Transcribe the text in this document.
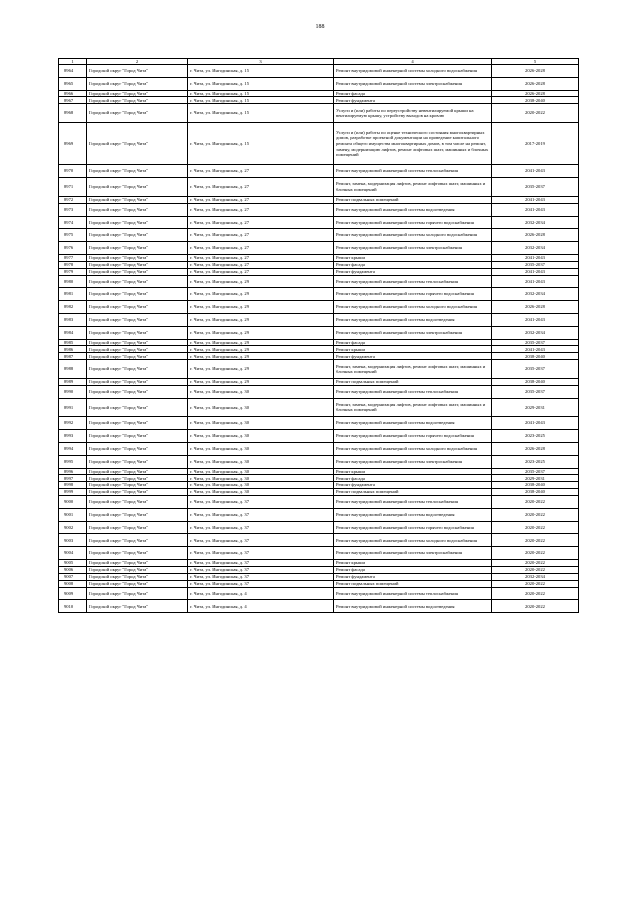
188
1	2	3	4	5
8964	Городской округ "Город Чита"	г. Чита, ул. Ингодинская, д. 15	Ремонт внутридомовой инженерной системы холодного водоснабжения	2026-2028
8965	Городской округ "Город Чита"	г. Чита, ул. Ингодинская, д. 15	Ремонт внутридомовой инженерной системы электроснабжения	2026-2028
8966	Городской округ "Город Чита"	г. Чита, ул. Ингодинская, д. 15	Ремонт фасада	2026-2028
8967	Городской округ "Город Чита"	г. Чита, ул. Ингодинская, д. 15	Ремонт фундамента	2038-2040
8968	Городской округ "Город Чита"	г. Чита, ул. Ингодинская, д. 15	Услуги и (или) работы по переустройству невентилируемой крыши на вентилируемую крышу, устройству выходов на кровлю	2020-2022
8969	Городской округ "Город Чита"	г. Чита, ул. Ингодинская, д. 15	Услуги и (или) работы по оценке технического состояния многоквартирных домов, разработке проектной документации на проведение капитального ремонта общего имущества многоквартирных домов, в том числе на ремонт, замену, модернизацию лифтов, ремонт лифтовых шахт, машинных и блочных помещений	2017-2019
8970	Городской округ "Город Чита"	г. Чита, ул. Ингодинская, д. 27	Ремонт внутридомовой инженерной системы теплоснабжения	2041-2043
8971	Городской округ "Город Чита"	г. Чита, ул. Ингодинская, д. 27	Ремонт, замена, модернизация лифтов, ремонт лифтовых шахт, машинных и блочных помещений	2035-2037
8972	Городской округ "Город Чита"	г. Чита, ул. Ингодинская, д. 27	Ремонт подвальных помещений	2041-2043
8973	Городской округ "Город Чита"	г. Чита, ул. Ингодинская, д. 27	Ремонт внутридомовой инженерной системы водоотведения	2041-2043
8974	Городской округ "Город Чита"	г. Чита, ул. Ингодинская, д. 27	Ремонт внутридомовой инженерной системы горячего водоснабжения	2032-2034
8975	Городской округ "Город Чита"	г. Чита, ул. Ингодинская, д. 27	Ремонт внутридомовой инженерной системы холодного водоснабжения	2026-2028
8976	Городской округ "Город Чита"	г. Чита, ул. Ингодинская, д. 27	Ремонт внутридомовой инженерной системы электроснабжения	2032-2034
8977	Городской округ "Город Чита"	г. Чита, ул. Ингодинская, д. 27	Ремонт крыши	2041-2043
8978	Городской округ "Город Чита"	г. Чита, ул. Ингодинская, д. 27	Ремонт фасада	2035-2037
8979	Городской округ "Город Чита"	г. Чита, ул. Ингодинская, д. 27	Ремонт фундамента	2041-2043
8980	Городской округ "Город Чита"	г. Чита, ул. Ингодинская, д. 29	Ремонт внутридомовой инженерной системы теплоснабжения	2041-2043
8981	Городской округ "Город Чита"	г. Чита, ул. Ингодинская, д. 29	Ремонт внутридомовой инженерной системы горячего водоснабжения	2032-2034
8982	Городской округ "Город Чита"	г. Чита, ул. Ингодинская, д. 29	Ремонт внутридомовой инженерной системы холодного водоснабжения	2026-2028
8983	Городской округ "Город Чита"	г. Чита, ул. Ингодинская, д. 29	Ремонт внутридомовой инженерной системы водоотведения	2041-2043
8984	Городской округ "Город Чита"	г. Чита, ул. Ингодинская, д. 29	Ремонт внутридомовой инженерной системы электроснабжения	2032-2034
8985	Городской округ "Город Чита"	г. Чита, ул. Ингодинская, д. 29	Ремонт фасада	2035-2037
8986	Городской округ "Город Чита"	г. Чита, ул. Ингодинская, д. 29	Ремонт крыши	2041-2043
8987	Городской округ "Город Чита"	г. Чита, ул. Ингодинская, д. 29	Ремонт фундамента	2038-2040
8988	Городской округ "Город Чита"	г. Чита, ул. Ингодинская, д. 29	Ремонт, замена, модернизация лифтов, ремонт лифтовых шахт, машинных и блочных помещений	2035-2037
8989	Городской округ "Город Чита"	г. Чита, ул. Ингодинская, д. 29	Ремонт подвальных помещений	2038-2040
8990	Городской округ "Город Чита"	г. Чита, ул. Ингодинская, д. 30	Ремонт внутридомовой инженерной системы теплоснабжения	2035-2037
8991	Городской округ "Город Чита"	г. Чита, ул. Ингодинская, д. 30	Ремонт, замена, модернизация лифтов, ремонт лифтовых шахт, машинных и блочных помещений	2029-2031
8992	Городской округ "Город Чита"	г. Чита, ул. Ингодинская, д. 30	Ремонт внутридомовой инженерной системы водоотведения	2041-2043
8993	Городской округ "Город Чита"	г. Чита, ул. Ингодинская, д. 30	Ремонт внутридомовой инженерной системы горячего водоснабжения	2023-2025
8994	Городской округ "Город Чита"	г. Чита, ул. Ингодинская, д. 30	Ремонт внутридомовой инженерной системы холодного водоснабжения	2026-2028
8995	Городской округ "Город Чита"	г. Чита, ул. Ингодинская, д. 30	Ремонт внутридомовой инженерной системы электроснабжения	2023-2025
8996	Городской округ "Город Чита"	г. Чита, ул. Ингодинская, д. 30	Ремонт крыши	2035-2037
8997	Городской округ "Город Чита"	г. Чита, ул. Ингодинская, д. 30	Ремонт фасада	2029-2031
8998	Городской округ "Город Чита"	г. Чита, ул. Ингодинская, д. 30	Ремонт фундамента	2038-2040
8999	Городской округ "Город Чита"	г. Чита, ул. Ингодинская, д. 30	Ремонт подвальных помещений	2038-2040
9000	Городской округ "Город Чита"	г. Чита, ул. Ингодинская, д. 37	Ремонт внутридомовой инженерной системы теплоснабжения	2020-2022
9001	Городской округ "Город Чита"	г. Чита, ул. Ингодинская, д. 37	Ремонт внутридомовой инженерной системы водоотведения	2020-2022
9002	Городской округ "Город Чита"	г. Чита, ул. Ингодинская, д. 37	Ремонт внутридомовой инженерной системы горячего водоснабжения	2020-2022
9003	Городской округ "Город Чита"	г. Чита, ул. Ингодинская, д. 37	Ремонт внутридомовой инженерной системы холодного водоснабжения	2020-2022
9004	Городской округ "Город Чита"	г. Чита, ул. Ингодинская, д. 37	Ремонт внутридомовой инженерной системы электроснабжения	2020-2022
9005	Городской округ "Город Чита"	г. Чита, ул. Ингодинская, д. 37	Ремонт крыши	2020-2022
9006	Городской округ "Город Чита"	г. Чита, ул. Ингодинская, д. 37	Ремонт фасада	2020-2022
9007	Городской округ "Город Чита"	г. Чита, ул. Ингодинская, д. 37	Ремонт фундамента	2032-2034
9008	Городской округ "Город Чита"	г. Чита, ул. Ингодинская, д. 37	Ремонт подвальных помещений	2020-2022
9009	Городской округ "Город Чита"	г. Чита, ул. Ингодинская, д. 4	Ремонт внутридомовой инженерной системы теплоснабжения	2020-2022
9010	Городской округ "Город Чита"	г. Чита, ул. Ингодинская, д. 4	Ремонт внутридомовой инженерной системы водоотведения	2020-2022
